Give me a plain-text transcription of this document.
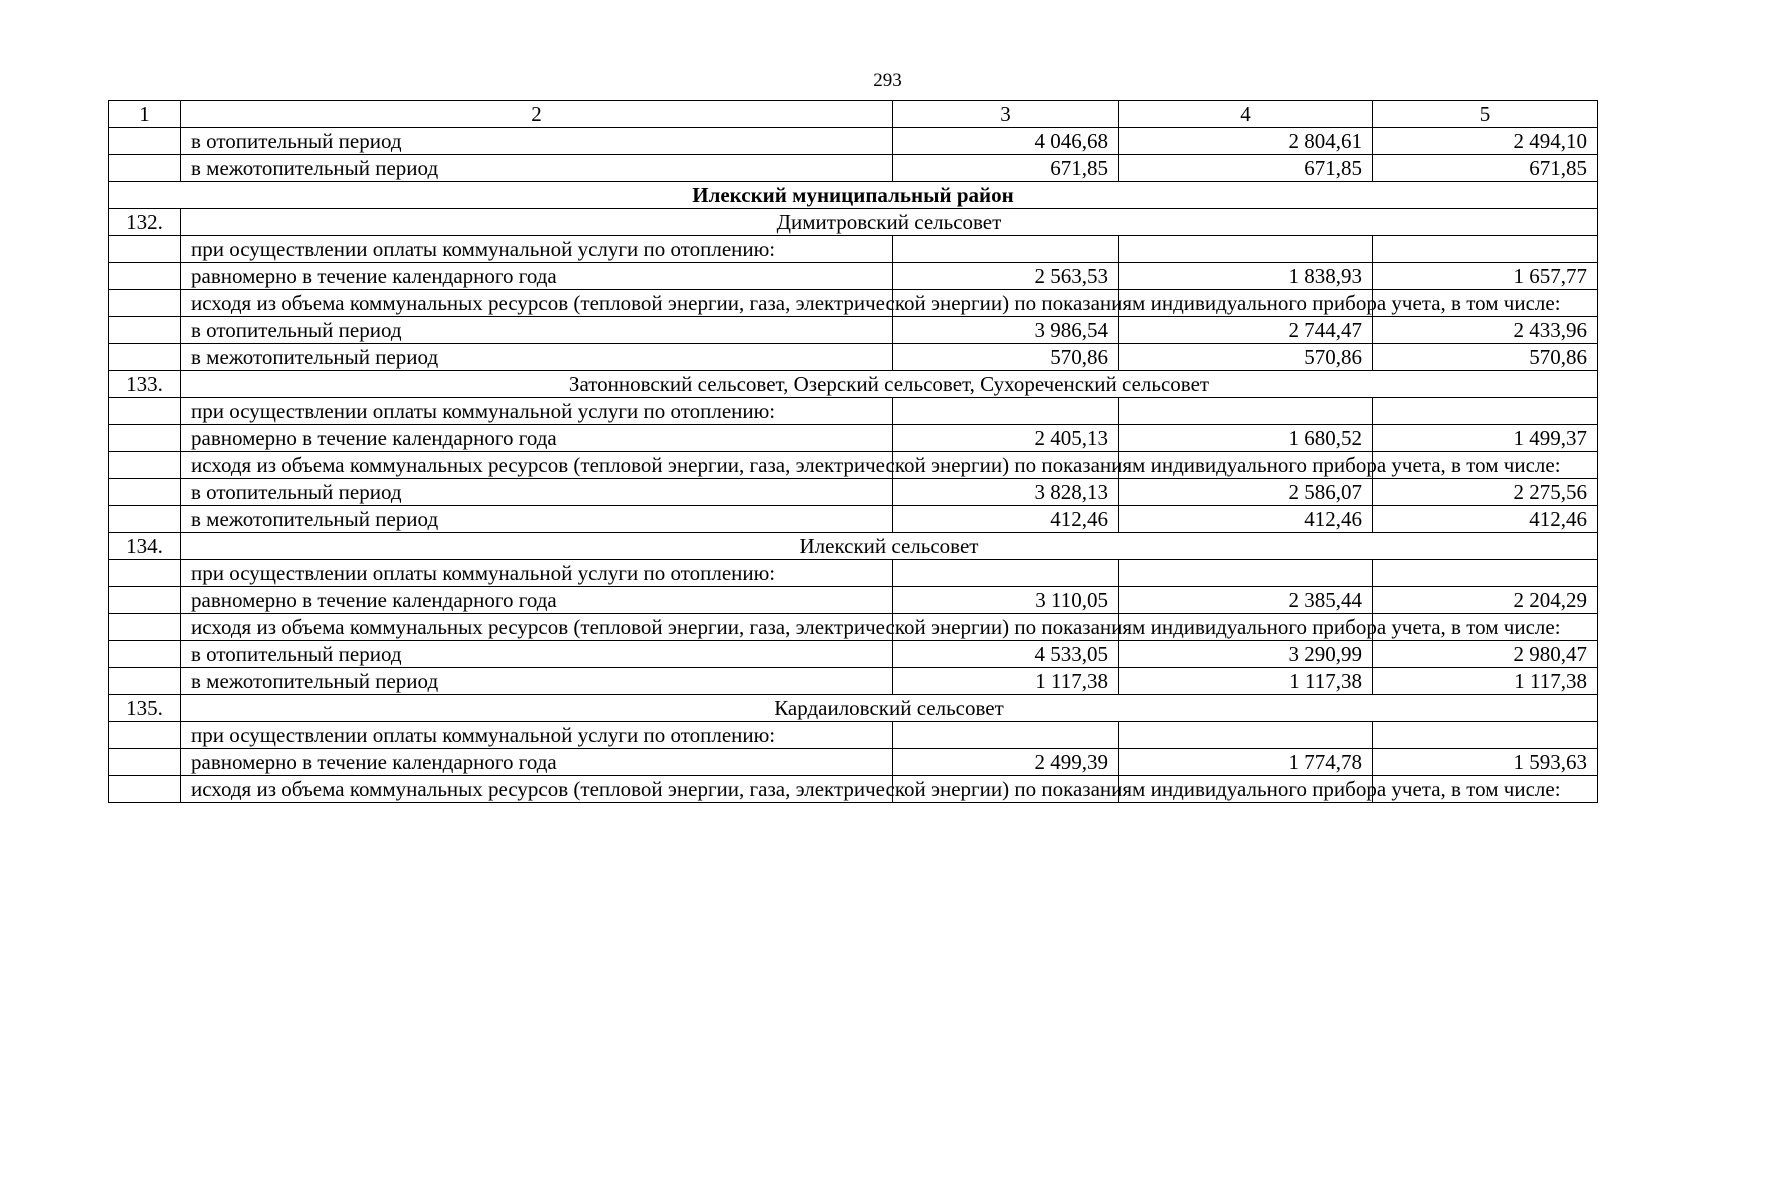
293
1	2	3	4	5
	в отопительный период	4 046,68	2 804,61	2 494,10
	в межотопительный период	671,85	671,85	671,85
Илекский муниципальный район				
132.	Димитровский сельсовет			
	при осуществлении оплаты коммунальной услуги по отоплению:			
	равномерно в течение календарного года	2 563,53	1 838,93	1 657,77
	исходя из объема коммунальных ресурсов (тепловой энергии, газа, электрической энергии) по показаниям индивидуального прибора учета, в том числе:			
	в отопительный период	3 986,54	2 744,47	2 433,96
	в межотопительный период	570,86	570,86	570,86
133.	Затонновский сельсовет, Озерский сельсовет, Сухореченский сельсовет			
	при осуществлении оплаты коммунальной услуги по отоплению:			
	равномерно в течение календарного года	2 405,13	1 680,52	1 499,37
	исходя из объема коммунальных ресурсов (тепловой энергии, газа, электрической энергии) по показаниям индивидуального прибора учета, в том числе:			
	в отопительный период	3 828,13	2 586,07	2 275,56
	в межотопительный период	412,46	412,46	412,46
134.	Илекский сельсовет			
	при осуществлении оплаты коммунальной услуги по отоплению:			
	равномерно в течение календарного года	3 110,05	2 385,44	2 204,29
	исходя из объема коммунальных ресурсов (тепловой энергии, газа, электрической энергии) по показаниям индивидуального прибора учета, в том числе:			
	в отопительный период	4 533,05	3 290,99	2 980,47
	в межотопительный период	1 117,38	1 117,38	1 117,38
135.	Кардаиловский сельсовет			
	при осуществлении оплаты коммунальной услуги по отоплению:			
	равномерно в течение календарного года	2 499,39	1 774,78	1 593,63
	исходя из объема коммунальных ресурсов (тепловой энергии, газа, электрической энергии) по показаниям индивидуального прибора учета, в том числе:			
